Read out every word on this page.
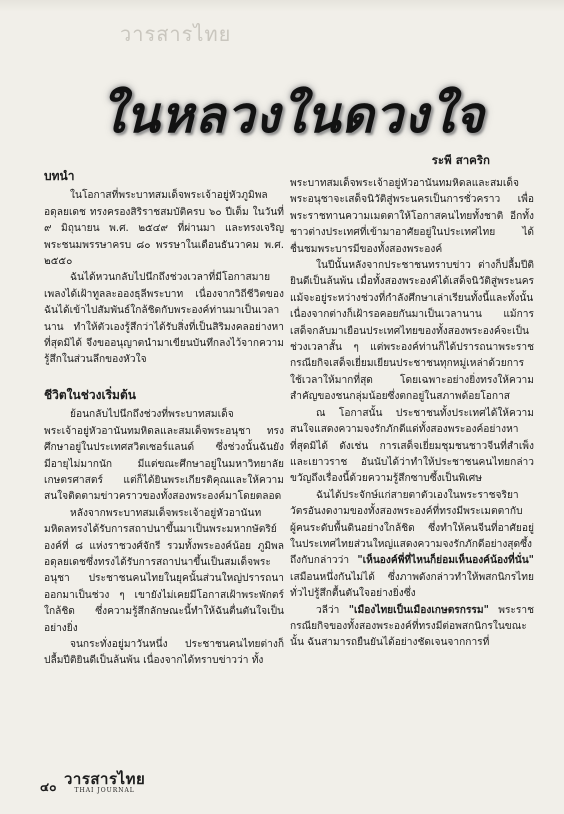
วารสารไทย
ในหลวงในดวงใจ
ระพี สาคริก
บทนำ

ในโอกาสที่พระบาทสมเด็จพระเจ้าอยู่หัวภูมิพลอดุลยเดช ทรงครองสิริราชสมบัติครบ ๖๐ ปีเต็ม ในวันที่ ๙ มิถุนายน พ.ศ. ๒๕๔๙ ที่ผ่านมา และทรงเจริญพระชนมพรรษาครบ ๘๐ พรรษาในเดือนธันวาคม พ.ศ. ๒๕๕๐

ฉันได้หวนกลับไปนึกถึงช่วงเวลาที่มีโอกาสมายเพลงได้เฝ้าทูลละอองธุลีพระบาท เนื่องจากวิถีชีวิตของฉันได้เข้าไปสัมพันธ์ใกล้ชิดกับพระองค์ท่านมาเป็นเวลานาน ทำให้ตัวเองรู้สึกว่าได้รับสิ่งที่เป็นสิริมงคลอย่างหาที่สุดมิได้ จึงขออนุญาตนำมาเขียนบันทึกลงไว้จากความรู้สึกในส่วนลึกของหัวใจ

ชีวิตในช่วงเริ่มต้น

ย้อนกลับไปนึกถึงช่วงที่พระบาทสมเด็จพระเจ้าอยู่หัวอานันทมหิดลและสมเด็จพระอนุชา ทรงศึกษาอยู่ในประเทศสวิตเซอร์แลนด์ ซึ่งช่วงนั้นฉันยังมีอายุไม่มากนัก มีแต่ขณะศึกษาอยู่ในมหาวิทยาลัยเกษตรศาสตร์ แต่ก็ได้ยินพระเกียรติคุณและให้ความสนใจติดตามข่าวคราวของทั้งสองพระองค์มาโดยตลอด

หลังจากพระบาทสมเด็จพระเจ้าอยู่หัวอานันทมหิดลทรงได้รับการสถาปนาขึ้นมาเป็นพระมหากษัตริย์องค์ที่ ๘ แห่งราชวงศ์จักรี รวมทั้งพระองค์น้อย ภูมิพลอดุลยเดชซึ่งทรงได้รับการสถาปนาขึ้นเป็นสมเด็จพระอนุชา ประชาชนคนไทยในยุคนั้นส่วนใหญ่ปรารถนาออกมาเป็นช่วง ๆ เขายังไม่เคยมีโอกาสเฝ้าพระพักตร์ใกล้ชิด ซึ่งความรู้สึกลักษณะนี้ทำให้ฉันตื่นตันใจเป็นอย่างยิ่ง

จนกระทั่งอยู่มาวันหนึ่ง ประชาชนคนไทยต่างก็ปลื้มปีติยินดีเป็นล้นพ้น เนื่องจากได้ทราบข่าวว่า ทั้ง

พระบาทสมเด็จพระเจ้าอยู่หัวอานันทมหิดลและสมเด็จพระอนุชาจะเสด็จนิวัติสู่พระนครเป็นการชั่วคราว เพื่อพระราชทานความเมตตาให้โอกาสคนไทยทั้งชาติ อีกทั้งชาวต่างประเทศที่เข้ามาอาศัยอยู่ในประเทศไทย ได้ชื่นชมพระบารมีของทั้งสองพระองค์

ในปีนั้นหลังจากประชาชนทราบข่าว ต่างก็ปลื้มปีติยินดีเป็นล้นพ้น เมื่อทั้งสองพระองค์ได้เสด็จนิวัติสู่พระนคร แม้จะอยู่ระหว่างช่วงที่กำลังศึกษาเล่าเรียนทั้งนี้และทั้งนั้นเนื่องจากต่างก็เฝ้ารอคอยกันมาเป็นเวลานาน แม้การเสด็จกลับมาเยือนประเทศไทยของทั้งสองพระองค์จะเป็นช่วงเวลาสั้น ๆ แต่พระองค์ท่านก็ได้ปรารถนาพระราชกรณียกิจเสด็จเยี่ยมเยียนประชาชนทุกหมู่เหล่าด้วยการใช้เวลาให้มากที่สุด โดยเฉพาะอย่างยิ่งทรงให้ความสำคัญของชนกลุ่มน้อยซึ่งตกอยู่ในสภาพด้อยโอกาส

ณ โอกาสนั้น ประชาชนทั้งประเทศได้ให้ความสนใจแสดงความจงรักภักดีแด่ทั้งสองพระองค์อย่างหาที่สุดมิได้ ดังเช่น การเสด็จเยี่ยมชุมชนชาวจีนที่สำเพ็งและเยาวราช อันนับได้ว่าทำให้ประชาชนคนไทยกล่าวขวัญถึงเรื่องนี้ด้วยความรู้สึกซาบซึ้งเป็นพิเศษ

ฉันได้ประจักษ์แก่สายตาตัวเองในพระราชจริยาวัตรอันงดงามของทั้งสองพระองค์ที่ทรงมีพระเมตตากับผู้คนระดับพื้นดินอย่างใกล้ชิด ซึ่งทำให้คนจีนที่อาศัยอยู่ในประเทศไทยส่วนใหญ่แสดงความจงรักภักดีอย่างสุดซึ้ง ถึงกับกล่าวว่า "เห็นองค์พี่ที่ไหนก็ย่อมเห็นองค์น้องที่นั่น" เสมือนหนึ่งกันไม่ได้ ซึ่งภาพดังกล่าวทำให้พสกนิกรไทยทั่วไปรู้สึกตื้นตันใจอย่างยิ่งซึ่ง

วลีว่า "เมืองไทยเป็นเมืองเกษตรกรรม" พระราชกรณียกิจของทั้งสองพระองค์ที่ทรงมีต่อพสกนิกรในขณะนั้น ฉันสามารถยืนยันได้อย่างชัดเจนจากการที่

๔๐ วารสารไทย
THAI JOURNAL
